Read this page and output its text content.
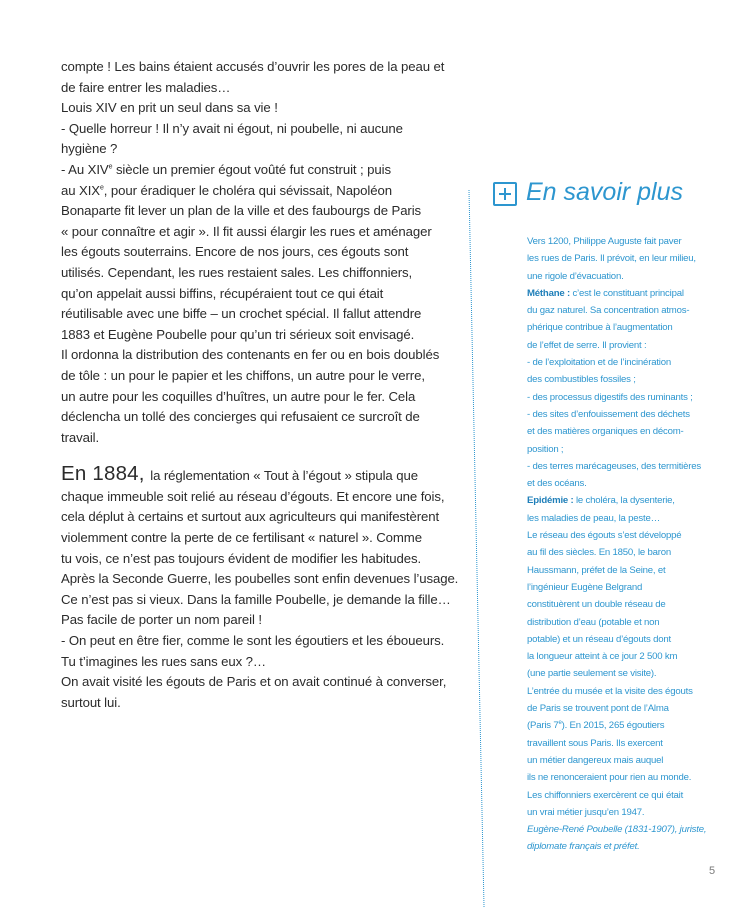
compte ! Les bains étaient accusés d’ouvrir les pores de la peau et
de faire entrer les maladies…
Louis XIV en prit un seul dans sa vie !
- Quelle horreur ! Il n’y avait ni égout, ni poubelle, ni aucune
hygiène ?
- Au XIVe siècle un premier égout voûté fut construit ; puis
au XIXe, pour éradiquer le choléra qui sévissait, Napoléon
Bonaparte fit lever un plan de la ville et des faubourgs de Paris
« pour connaître et agir ». Il fit aussi élargir les rues et aménager
les égouts souterrains. Encore de nos jours, ces égouts sont
utilisés. Cependant, les rues restaient sales. Les chiffonniers,
qu’on appelait aussi biffins, récupéraient tout ce qui était
réutilisable avec une biffe – un crochet spécial. Il fallut attendre
1883 et Eugène Poubelle pour qu’un tri sérieux soit envisagé.
Il ordonna la distribution des contenants en fer ou en bois doublés
de tôle : un pour le papier et les chiffons, un autre pour le verre,
un autre pour les coquilles d’huîtres, un autre pour le fer. Cela
déclencha un tollé des concierges qui refusaient ce surcroît de
travail.
En 1884, la réglementation « Tout à l’égout » stipula que
chaque immeuble soit relié au réseau d’égouts. Et encore une fois,
cela déplut à certains et surtout aux agriculteurs qui manifestèrent
violemment contre la perte de ce fertilisant « naturel ». Comme
tu vois, ce n’est pas toujours évident de modifier les habitudes.
Après la Seconde Guerre, les poubelles sont enfin devenues l’usage.
Ce n’est pas si vieux. Dans la famille Poubelle, je demande la fille…
Pas facile de porter un nom pareil !
- On peut en être fier, comme le sont les égoutiers et les éboueurs.
Tu t’imagines les rues sans eux ?…
On avait visité les égouts de Paris et on avait continué à converser,
surtout lui.
En savoir plus
Vers 1200, Philippe Auguste fait paver
les rues de Paris. Il prévoit, en leur milieu,
une rigole d’évacuation.
Méthane : c’est le constituant principal
du gaz naturel. Sa concentration atmos-
phérique contribue à l’augmentation
de l’effet de serre. Il provient :
- de l’exploitation et de l’incinération
des combustibles fossiles ;
- des processus digestifs des ruminants ;
- des sites d’enfouissement des déchets
et des matières organiques en décom-
position ;
- des terres marécageuses, des termitières
et des océans.
Epidémie : le choléra, la dysenterie,
les maladies de peau, la peste…
Le réseau des égouts s’est développé
au fil des siècles. En 1850, le baron
Haussmann, préfet de la Seine, et
l’ingénieur Eugène Belgrand
constituèrent un double réseau de
distribution d’eau (potable et non
potable) et un réseau d’égouts dont
la longueur atteint à ce jour 2 500 km
(une partie seulement se visite).
L’entrée du musée et la visite des égouts
de Paris se trouvent pont de l’Alma
(Paris 7e). En 2015, 265 égoutiers
travaillent sous Paris. Ils exercent
un métier dangereux mais auquel
ils ne renonceraient pour rien au monde.
Les chiffonniers exercèrent ce qui était
un vrai métier jusqu’en 1947.
Eugène-René Poubelle (1831-1907), juriste,
diplomate français et préfet.
5
